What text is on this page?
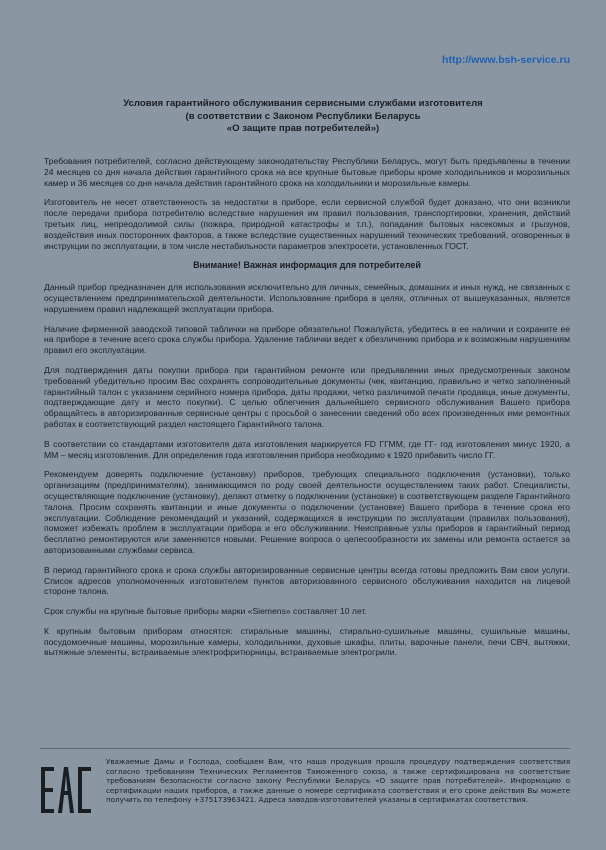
http://www.bsh-service.ru
Условия гарантийного обслуживания сервисными службами изготовителя
(в соответствии с Законом Республики Беларусь
«О защите прав потребителей»)

Требования потребителей, согласно действующему законодательству Республики Беларусь, могут быть предъявлены в течении 24 месяцев со дня начала действия гарантийного срока на все крупные бытовые приборы кроме холодильников и морозильных камер и 36 месяцев со дня начала действия гарантийного срока на холодильники и морозильные камеры.

Изготовитель не несет ответственность за недостатки в приборе, если сервисной службой будет доказано, что они возникли после передачи прибора потребителю вследствие нарушения им правил пользования, транспортировки, хранения, действий третьих лиц, непреодолимой силы (пожара, природной катастрофы и т.п.), попадания бытовых насекомых и грызунов, воздействия иных посторонних факторов, а также вследствие существенных нарушений технических требований, оговоренных в инструкции по эксплуатации, в том числе нестабильности параметров электросети, установленных ГОСТ.

Внимание! Важная информация для потребителей

Данный прибор предназначен для использования исключительно для личных, семейных, домашних и иных нужд, не связанных с осуществлением предпринимательской деятельности. Использование прибора в целях, отличных от вышеуказанных, является нарушением правил надлежащей эксплуатации прибора.

Наличие фирменной заводской типовой таблички на приборе обязательно! Пожалуйста, убедитесь в ее наличии и сохраните ее на приборе в течение всего срока службы прибора. Удаление таблички ведет к обезличению прибора и к возможным нарушениям правил его эксплуатации.

Для подтверждения даты покупки прибора при гарантийном ремонте или предъявлении иных предусмотренных законом требований убедительно просим Вас сохранять сопроводительные документы (чек, квитанцию, правильно и четко заполненный гарантийный талон с указанием серийного номера прибора, даты продажи, четко различимой печати продавца, иные документы, подтверждающие дату и место покупки). С целью облегчения дальнейшего сервисного обслуживания Вашего прибора обращайтесь в авторизированные сервисные центры с просьбой о занесении сведений обо всех произведенных ими ремонтных работах в соответствующий раздел настоящего Гарантийного талона.

В соответствии со стандартами изготовителя дата изготовления маркируется FD ГГММ, где ГГ- год изготовления минус 1920, а ММ – месяц изготовления. Для определения года изготовления прибора необходимо к 1920 прибавить число ГГ.

Рекомендуем доверять подключение (установку) приборов, требующих специального подключения (установки), только организациям (предпринимателям), занимающимся по роду своей деятельности осуществлением таких работ. Специалисты, осуществляющие подключение (установку), делают отметку о подключении (установке) в соответствующем разделе Гарантийного талона. Просим сохранять квитанции и иные документы о подключении (установке) Вашего прибора в течение срока его эксплуатации. Соблюдение рекомендаций и указаний, содержащихся в инструкции по эксплуатации (правилах пользования), поможет избежать проблем в эксплуатации прибора и его обслуживании. Неисправные узлы приборов в гарантийный период бесплатно ремонтируются или заменяются новыми. Решение вопроса о целесообразности их замены или ремонта остается за авторизованными службами сервиса.

В период гарантийного срока и срока службы авторизированные сервисные центры всегда готовы предложить Вам свои услуги. Список адресов уполномоченных изготовителем пунктов авторизованного сервисного обслуживания находится на лицевой стороне талона.

Срок службы на крупные бытовые приборы марки «Siemens» составляет 10 лет.

К крупным бытовым приборам относятся: стиральные машины, стирально-сушильные машины, сушильные машины, посудомоечные машины, морозильные камеры, холодильники, духовые шкафы, плиты, варочные панели, печи СВЧ, вытяжки, вытяжные элементы, встраиваемые электрофритюрницы, встраиваемые электрогрили.

Уважаемые Дамы и Господа, сообщаем Вам, что наша продукция прошла процедуру подтверждения соответствия согласно требованиям Технических Регламентов Таможенного союза, а также сертифицирована на соответствие требованиям безопасности согласно закону Республики Беларусь «О защите прав потребителей». Информацию о сертификации наших приборов, а также данные о номере сертификата соответствия и его сроке действия Вы можете получить по телефону +375173963421. Адреса заводов-изготовителей указаны в сертификатах соответствия.
